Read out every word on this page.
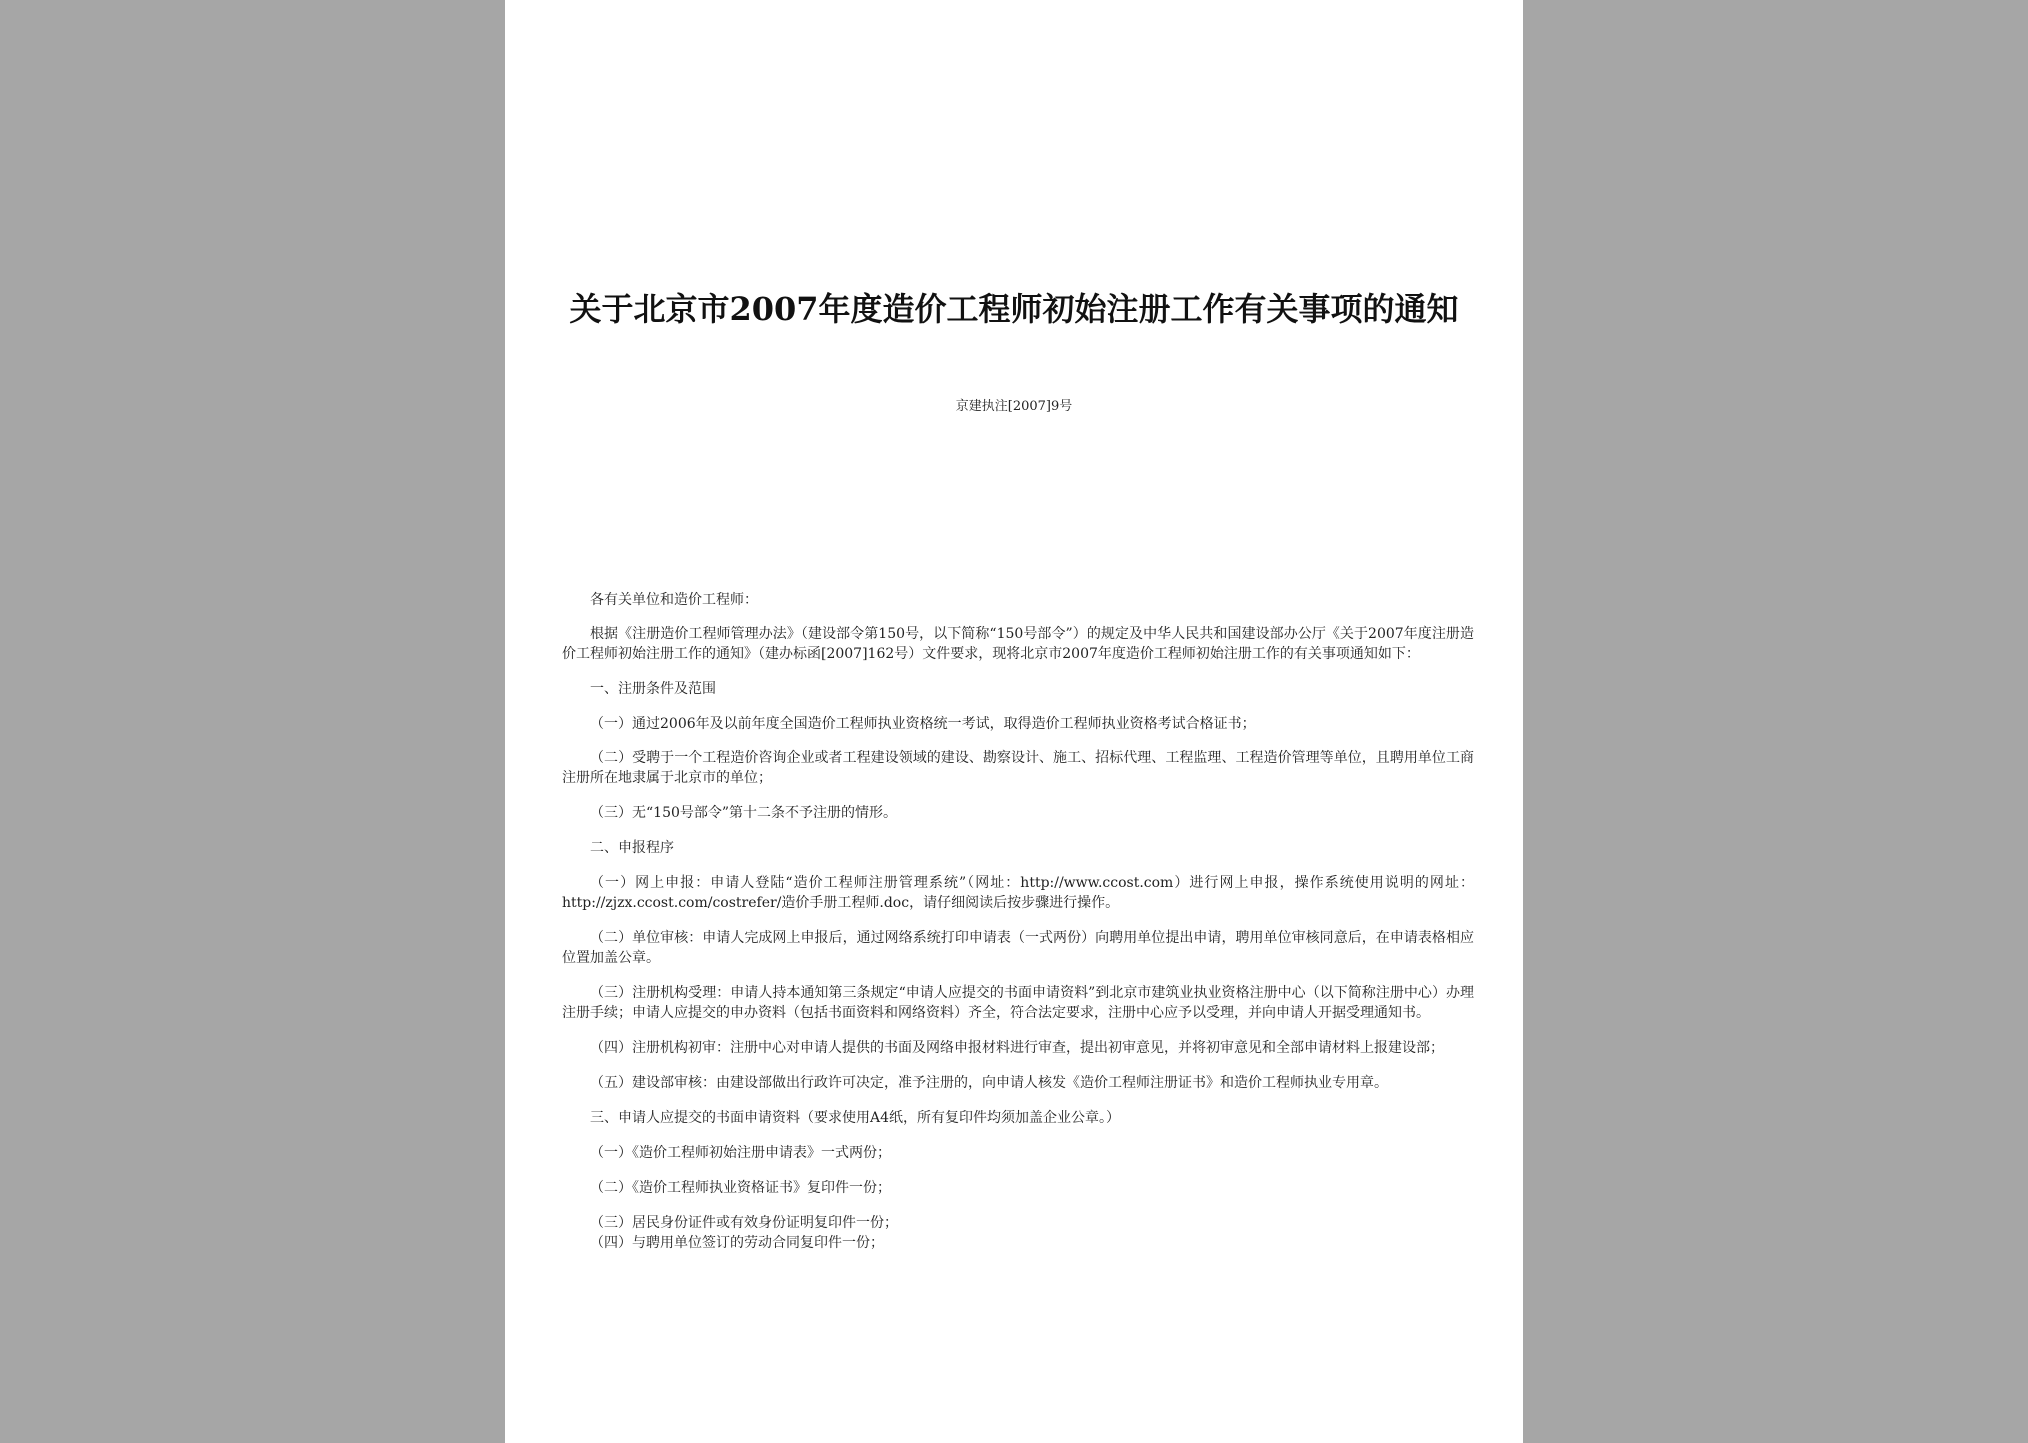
关于北京市2007年度造价工程师初始注册工作有关事项的通知
京建执注[2007]9号

各有关单位和造价工程师：

根据《注册造价工程师管理办法》（建设部令第150号，以下简称“150号部令”）的规定及中华人民共和国建设部办公厅《关于2007年度注册造价工程师初始注册工作的通知》（建办标函[2007]162号）文件要求，现将北京市2007年度造价工程师初始注册工作的有关事项通知如下：

一、注册条件及范围

（一）通过2006年及以前年度全国造价工程师执业资格统一考试，取得造价工程师执业资格考试合格证书；

（二）受聘于一个工程造价咨询企业或者工程建设领域的建设、勘察设计、施工、招标代理、工程监理、工程造价管理等单位，且聘用单位工商注册所在地隶属于北京市的单位；

（三）无“150号部令”第十二条不予注册的情形。

二、申报程序

（一）网上申报：申请人登陆“造价工程师注册管理系统”（网址：http://www.ccost.com）进行网上申报，操作系统使用说明的网址：http://zjzx.ccost.com/costrefer/造价手册工程师.doc，请仔细阅读后按步骤进行操作。

（二）单位审核：申请人完成网上申报后，通过网络系统打印申请表（一式两份）向聘用单位提出申请，聘用单位审核同意后，在申请表格相应位置加盖公章。

（三）注册机构受理：申请人持本通知第三条规定“申请人应提交的书面申请资料”到北京市建筑业执业资格注册中心（以下简称注册中心）办理注册手续；申请人应提交的申办资料（包括书面资料和网络资料）齐全，符合法定要求，注册中心应予以受理，并向申请人开据受理通知书。

（四）注册机构初审：注册中心对申请人提供的书面及网络申报材料进行审查，提出初审意见，并将初审意见和全部申请材料上报建设部；

（五）建设部审核：由建设部做出行政许可决定，准予注册的，向申请人核发《造价工程师注册证书》和造价工程师执业专用章。

三、申请人应提交的书面申请资料（要求使用A4纸，所有复印件均须加盖企业公章。）

（一）《造价工程师初始注册申请表》一式两份；

（二）《造价工程师执业资格证书》复印件一份；

（三）居民身份证件或有效身份证明复印件一份；

（四）与聘用单位签订的劳动合同复印件一份；
